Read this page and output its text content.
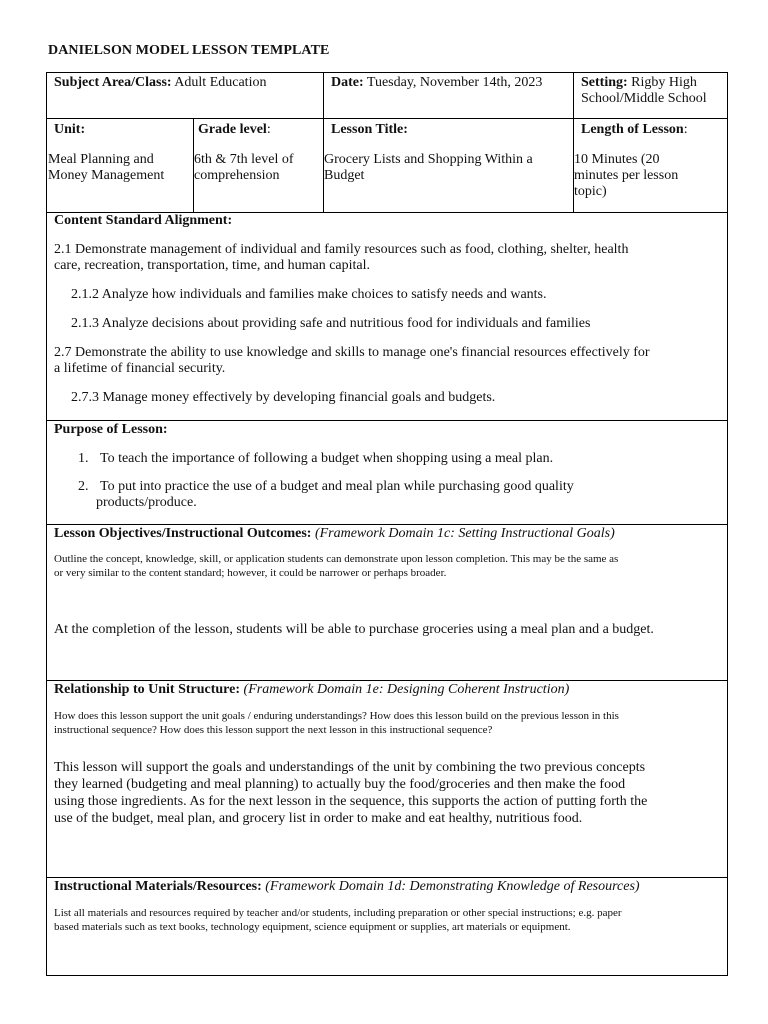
DANIELSON MODEL LESSON TEMPLATE
Subject Area/Class: Adult Education	Date: Tuesday, November 14th, 2023	Setting: Rigby High
School/Middle School
Unit:
Meal Planning and
Money Management
Grade level:
6th & 7th level of
comprehension
Lesson Title:
Grocery Lists and Shopping Within a
Budget
Length of Lesson:
10 Minutes (20
minutes per lesson
topic)
Content Standard Alignment:
2.1 Demonstrate management of individual and family resources such as food, clothing, shelter, health
care, recreation, transportation, time, and human capital.
2.1.2 Analyze how individuals and families make choices to satisfy needs and wants.
2.1.3 Analyze decisions about providing safe and nutritious food for individuals and families
2.7 Demonstrate the ability to use knowledge and skills to manage one's financial resources effectively for
a lifetime of financial security.
2.7.3 Manage money effectively by developing financial goals and budgets.
Purpose of Lesson:
1. To teach the importance of following a budget when shopping using a meal plan.
2. To put into practice the use of a budget and meal plan while purchasing good quality
products/produce.
Lesson Objectives/Instructional Outcomes: (Framework Domain 1c: Setting Instructional Goals)
Outline the concept, knowledge, skill, or application students can demonstrate upon lesson completion. This may be the same as
or very similar to the content standard; however, it could be narrower or perhaps broader.
At the completion of the lesson, students will be able to purchase groceries using a meal plan and a budget.
Relationship to Unit Structure: (Framework Domain 1e: Designing Coherent Instruction)
How does this lesson support the unit goals / enduring understandings? How does this lesson build on the previous lesson in this
instructional sequence? How does this lesson support the next lesson in this instructional sequence?
This lesson will support the goals and understandings of the unit by combining the two previous concepts
they learned (budgeting and meal planning) to actually buy the food/groceries and then make the food
using those ingredients. As for the next lesson in the sequence, this supports the action of putting forth the
use of the budget, meal plan, and grocery list in order to make and eat healthy, nutritious food.
Instructional Materials/Resources: (Framework Domain 1d: Demonstrating Knowledge of Resources)
List all materials and resources required by teacher and/or students, including preparation or other special instructions; e.g. paper
based materials such as text books, technology equipment, science equipment or supplies, art materials or equipment.
